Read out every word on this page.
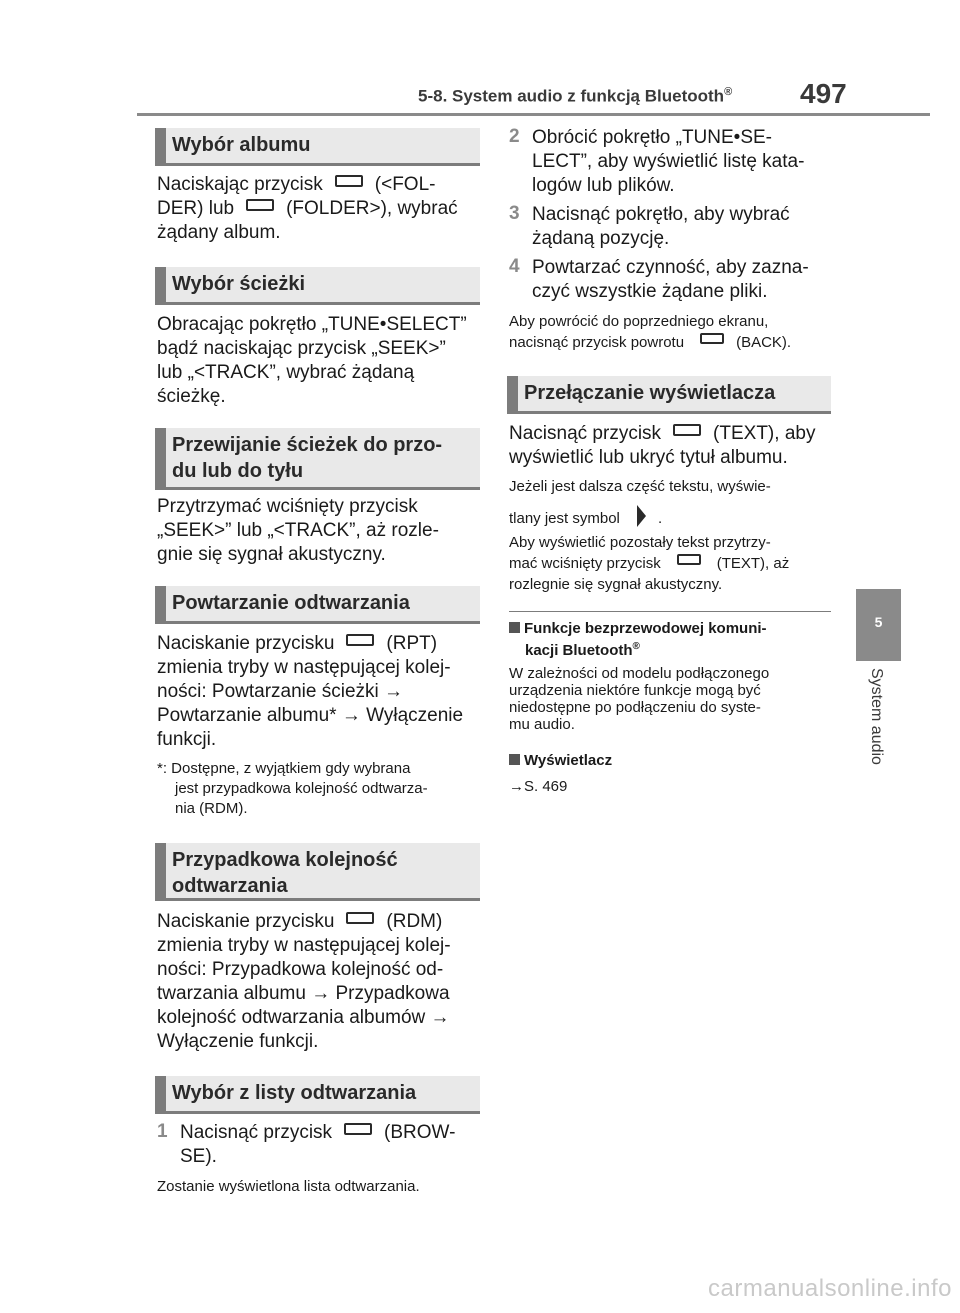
5-8. System audio z funkcją Bluetooth® 497
5
System audio
Wybór albumu
Naciskając przycisk	(<FOL-
DER) lub	(FOLDER>), wybrać
żądany album.
Wybór ścieżki
Obracając pokrętło „TUNE•SELECT”
bądź naciskając przycisk „SEEK>”
lub „<TRACK”, wybrać żądaną
ścieżkę.
Przewijanie ścieżek do przo-
du lub do tyłu
Przytrzymać wciśnięty przycisk
„SEEK>” lub „<TRACK”, aż rozle-
gnie się sygnał akustyczny.
Powtarzanie odtwarzania
Naciskanie przycisku	(RPT)
zmienia tryby w następującej kolej-
ności: Powtarzanie ścieżki →
Powtarzanie albumu* → Wyłączenie
funkcji.
*: Dostępne, z wyjątkiem gdy wybrana
jest przypadkowa kolejność odtwarza-
nia (RDM).
Przypadkowa kolejność
odtwarzania
Naciskanie przycisku	(RDM)
zmienia tryby w następującej kolej-
ności: Przypadkowa kolejność od-
twarzania albumu → Przypadkowa
kolejność odtwarzania albumów →
Wyłączenie funkcji.
Wybór z listy odtwarzania
1 Nacisnąć przycisk	(BROW-
SE).
Zostanie wyświetlona lista odtwarzania.
2 Obrócić pokrętło „TUNE•SE-
LECT”, aby wyświetlić listę kata-
logów lub plików.
3 Nacisnąć pokrętło, aby wybrać
żądaną pozycję.
4 Powtarzać czynność, aby zazna-
czyć wszystkie żądane pliki.
Aby powrócić do poprzedniego ekranu,
nacisnąć przycisk powrotu	(BACK).
Przełączanie wyświetlacza
Nacisnąć przycisk	(TEXT), aby
wyświetlić lub ukryć tytuł albumu.
Jeżeli jest dalsza część tekstu, wyświe-
tlany jest symbol	.
Aby wyświetlić pozostały tekst przytrzy-
mać wciśnięty przycisk	(TEXT), aż
rozlegnie się sygnał akustyczny.
Funkcje bezprzewodowej komuni-
kacji Bluetooth®
W zależności od modelu podłączonego
urządzenia niektóre funkcje mogą być
niedostępne po podłączeniu do syste-
mu audio.
Wyświetlacz
→S. 469
carmanualsonline.info
